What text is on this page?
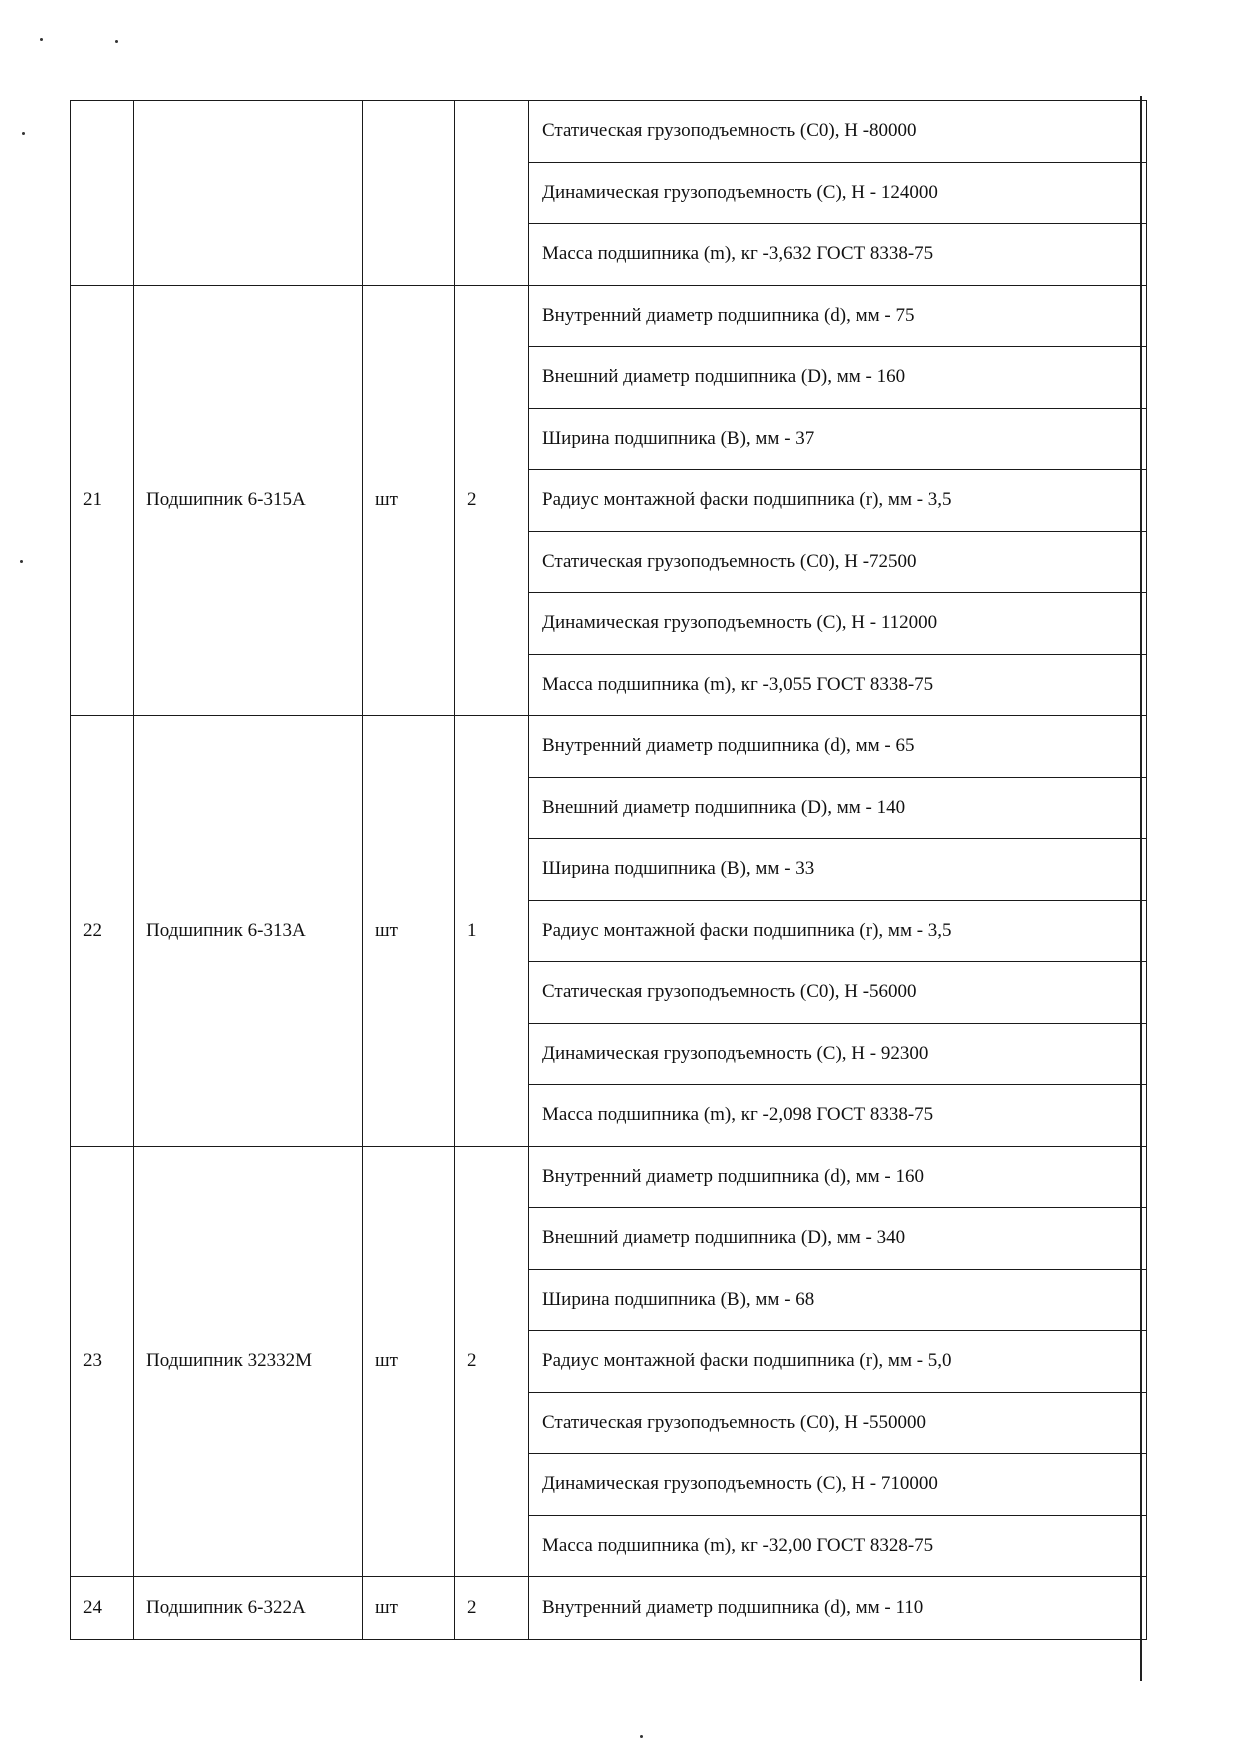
				Статическая грузоподъемность (C0), H -80000
				Динамическая грузоподъемность (C), H - 124000
				Масса подшипника (m), кг -3,632 ГОСТ 8338-75
21	Подшипник 6-315А	шт	2	Внутренний диаметр подшипника (d), мм - 75
				Внешний диаметр подшипника (D), мм - 160
				Ширина подшипника (B), мм - 37
				Радиус монтажной фаски подшипника (r), мм - 3,5
				Статическая грузоподъемность (C0), H -72500
				Динамическая грузоподъемность (C), H - 112000
				Масса подшипника (m), кг -3,055 ГОСТ 8338-75
22	Подшипник 6-313А	шт	1	Внутренний диаметр подшипника (d), мм - 65
				Внешний диаметр подшипника (D), мм - 140
				Ширина подшипника (B), мм - 33
				Радиус монтажной фаски подшипника (r), мм - 3,5
				Статическая грузоподъемность (C0), H -56000
				Динамическая грузоподъемность (C), H - 92300
				Масса подшипника (m), кг -2,098 ГОСТ 8338-75
23	Подшипник 32332М	шт	2	Внутренний диаметр подшипника (d), мм - 160
				Внешний диаметр подшипника (D), мм - 340
				Ширина подшипника (B), мм - 68
				Радиус монтажной фаски подшипника (r), мм - 5,0
				Статическая грузоподъемность (C0), H -550000
				Динамическая грузоподъемность (C), H - 710000
				Масса подшипника (m), кг -32,00 ГОСТ 8328-75
24	Подшипник 6-322А	шт	2	Внутренний диаметр подшипника (d), мм - 110
